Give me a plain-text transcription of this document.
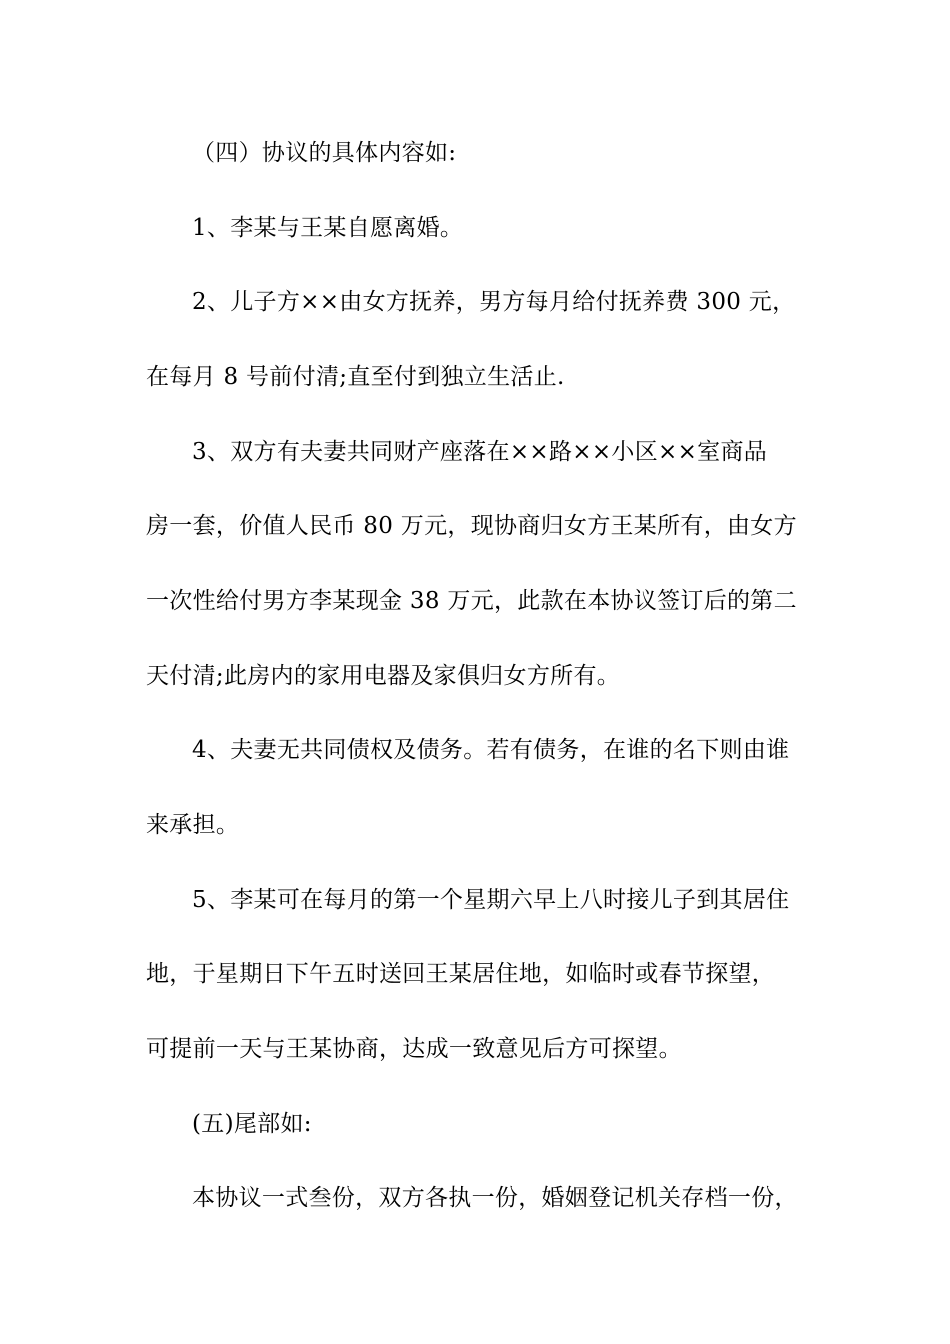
（四）协议的具体内容如:
1、李某与王某自愿离婚。
2、儿子方××由女方抚养，男方每月给付抚养费 300 元，
在每月 8 号前付清;直至付到独立生活止.
3、双方有夫妻共同财产座落在××路××小区××室商品
房一套，价值人民币 80 万元，现协商归女方王某所有，由女方
一次性给付男方李某现金 38 万元，此款在本协议签订后的第二
天付清;此房内的家用电器及家俱归女方所有。
4、夫妻无共同债权及债务。若有债务，在谁的名下则由谁
来承担。
5、李某可在每月的第一个星期六早上八时接儿子到其居住
地，于星期日下午五时送回王某居住地，如临时或春节探望，
可提前一天与王某协商，达成一致意见后方可探望。
(五)尾部如:
本协议一式叁份，双方各执一份，婚姻登记机关存档一份，
